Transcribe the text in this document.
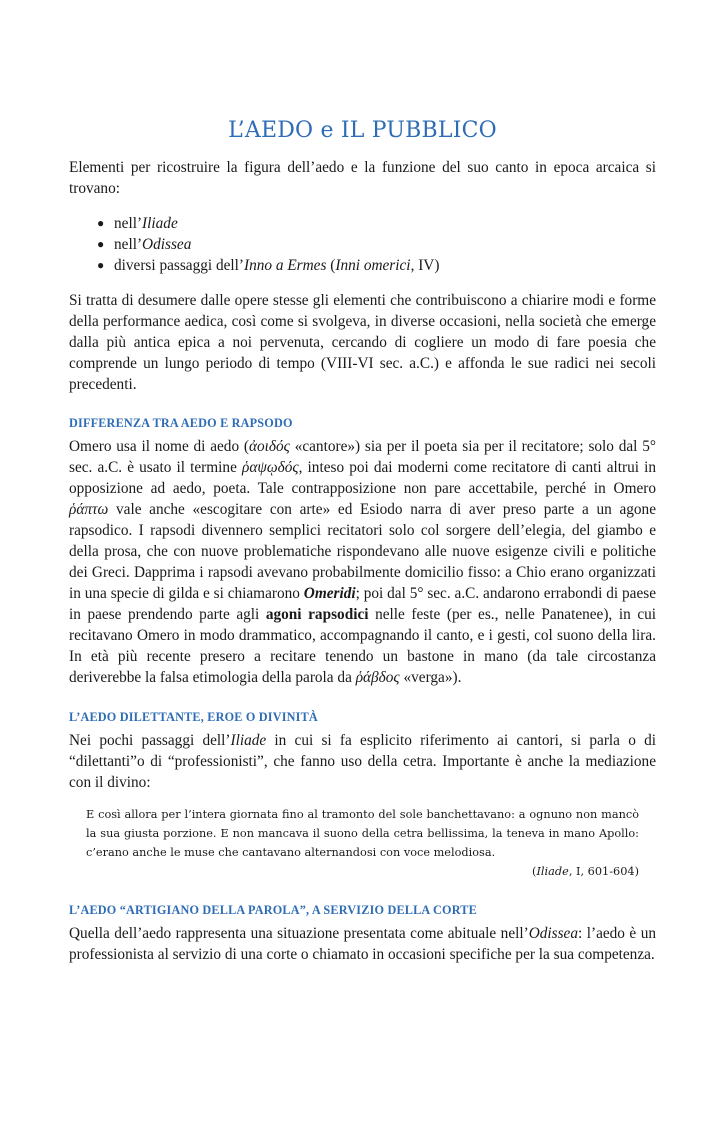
L’AEDO e IL PUBBLICO

Elementi per ricostruire la figura dell’aedo e la funzione del suo canto in epoca arcaica si trovano:

● nell’Iliade
● nell’Odissea
● diversi passaggi dell’Inno a Ermes (Inni omerici, IV)

Si tratta di desumere dalle opere stesse gli elementi che contribuiscono a chiarire modi e forme della performance aedica, così come si svolgeva, in diverse occasioni, nella società che emerge dalla più antica epica a noi pervenuta, cercando di cogliere un modo di fare poesia che comprende un lungo periodo di tempo (VIII-VI sec. a.C.) e affonda le sue radici nei secoli precedenti.

DIFFERENZA TRA AEDO E RAPSODO

Omero usa il nome di aedo (ἀοιδός «cantore») sia per il poeta sia per il recitatore; solo dal 5° sec. a.C. è usato il termine ῥαψῳδός, inteso poi dai moderni come recitatore di canti altrui in opposizione ad aedo, poeta. Tale contrapposizione non pare accettabile, perché in Omero ῥάπτω vale anche «escogitare con arte» ed Esiodo narra di aver preso parte a un agone rapsodico. I rapsodi divennero semplici recitatori solo col sorgere dell’elegia, del giambo e della prosa, che con nuove problematiche rispondevano alle nuove esigenze civili e politiche dei Greci. Dapprima i rapsodi avevano probabilmente domicilio fisso: a Chio erano organizzati in una specie di gilda e si chiamarono Omeridi; poi dal 5° sec. a.C. andarono errabondi di paese in paese prendendo parte agli agoni rapsodici nelle feste (per es., nelle Panatenee), in cui recitavano Omero in modo drammatico, accompagnando il canto, e i gesti, col suono della lira. In età più recente presero a recitare tenendo un bastone in mano (da tale circostanza deriverebbe la falsa etimologia della parola da ῥάβδος «verga»).

L’AEDO DILETTANTE, EROE O DIVINITÀ

Nei pochi passaggi dell’Iliade in cui si fa esplicito riferimento ai cantori, si parla o di “dilettanti”o di “professionisti”, che fanno uso della cetra. Importante è anche la mediazione con il divino:

E così allora per l’intera giornata fino al tramonto del sole banchettavano: a ognuno non mancò la sua giusta porzione. E non mancava il suono della cetra bellissima, la teneva in mano Apollo: c’erano anche le muse che cantavano alternandosi con voce melodiosa.
(Iliade, I, 601-604)
L’AEDO “ARTIGIANO DELLA PAROLA”, A SERVIZIO DELLA CORTE

Quella dell’aedo rappresenta una situazione presentata come abituale nell’Odissea: l’aedo è un professionista al servizio di una corte o chiamato in occasioni specifiche per la sua competenza.
